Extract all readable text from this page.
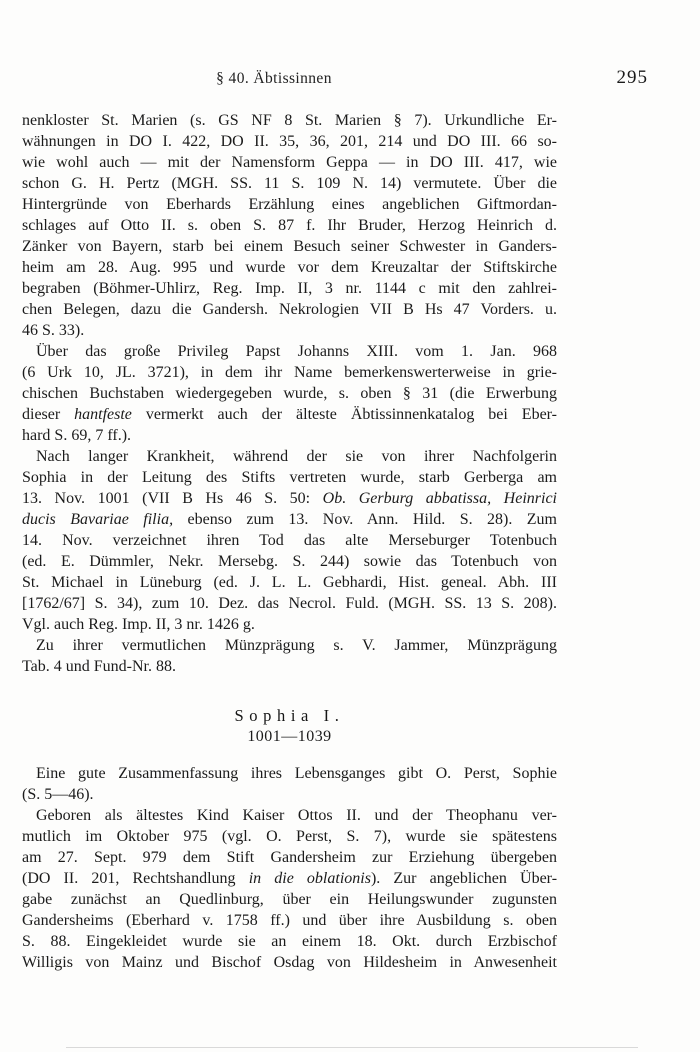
§ 40. Äbtissinnen	295
nenkloster St. Marien (s. GS NF 8 St. Marien § 7). Urkundliche Er-
wähnungen in DO I. 422, DO II. 35, 36, 201, 214 und DO III. 66 so-
wie wohl auch — mit der Namensform Geppa — in DO III. 417, wie
schon G. H. Pertz (MGH. SS. 11 S. 109 N. 14) vermutete. Über die
Hintergründe von Eberhards Erzählung eines angeblichen Giftmordan-
schlages auf Otto II. s. oben S. 87 f. Ihr Bruder, Herzog Heinrich d.
Zänker von Bayern, starb bei einem Besuch seiner Schwester in Ganders-
heim am 28. Aug. 995 und wurde vor dem Kreuzaltar der Stiftskirche
begraben (Böhmer-Uhlirz, Reg. Imp. II, 3 nr. 1144 c mit den zahlrei-
chen Belegen, dazu die Gandersh. Nekrologien VII B Hs 47 Vorders. u.
46 S. 33).
Über das große Privileg Papst Johanns XIII. vom 1. Jan. 968
(6 Urk 10, JL. 3721), in dem ihr Name bemerkenswerterweise in grie-
chischen Buchstaben wiedergegeben wurde, s. oben § 31 (die Erwerbung
dieser hantfeste vermerkt auch der älteste Äbtissinnenkatalog bei Eber-
hard S. 69, 7 ff.).
Nach langer Krankheit, während der sie von ihrer Nachfolgerin
Sophia in der Leitung des Stifts vertreten wurde, starb Gerberga am
13. Nov. 1001 (VII B Hs 46 S. 50: Ob. Gerburg abbatissa, Heinrici
ducis Bavariae filia, ebenso zum 13. Nov. Ann. Hild. S. 28). Zum
14. Nov. verzeichnet ihren Tod das alte Merseburger Totenbuch
(ed. E. Dümmler, Nekr. Mersebg. S. 244) sowie das Totenbuch von
St. Michael in Lüneburg (ed. J. L. L. Gebhardi, Hist. geneal. Abh. III
[1762/67] S. 34), zum 10. Dez. das Necrol. Fuld. (MGH. SS. 13 S. 208).
Vgl. auch Reg. Imp. II, 3 nr. 1426 g.
Zu ihrer vermutlichen Münzprägung s. V. Jammer, Münzprägung
Tab. 4 und Fund-Nr. 88.
Sophia I.
1001—1039
Eine gute Zusammenfassung ihres Lebensganges gibt O. Perst, Sophie
(S. 5—46).
Geboren als ältestes Kind Kaiser Ottos II. und der Theophanu ver-
mutlich im Oktober 975 (vgl. O. Perst, S. 7), wurde sie spätestens
am 27. Sept. 979 dem Stift Gandersheim zur Erziehung übergeben
(DO II. 201, Rechtshandlung in die oblationis). Zur angeblichen Über-
gabe zunächst an Quedlinburg, über ein Heilungswunder zugunsten
Gandersheims (Eberhard v. 1758 ff.) und über ihre Ausbildung s. oben
S. 88. Eingekleidet wurde sie an einem 18. Okt. durch Erzbischof
Willigis von Mainz und Bischof Osdag von Hildesheim in Anwesenheit
